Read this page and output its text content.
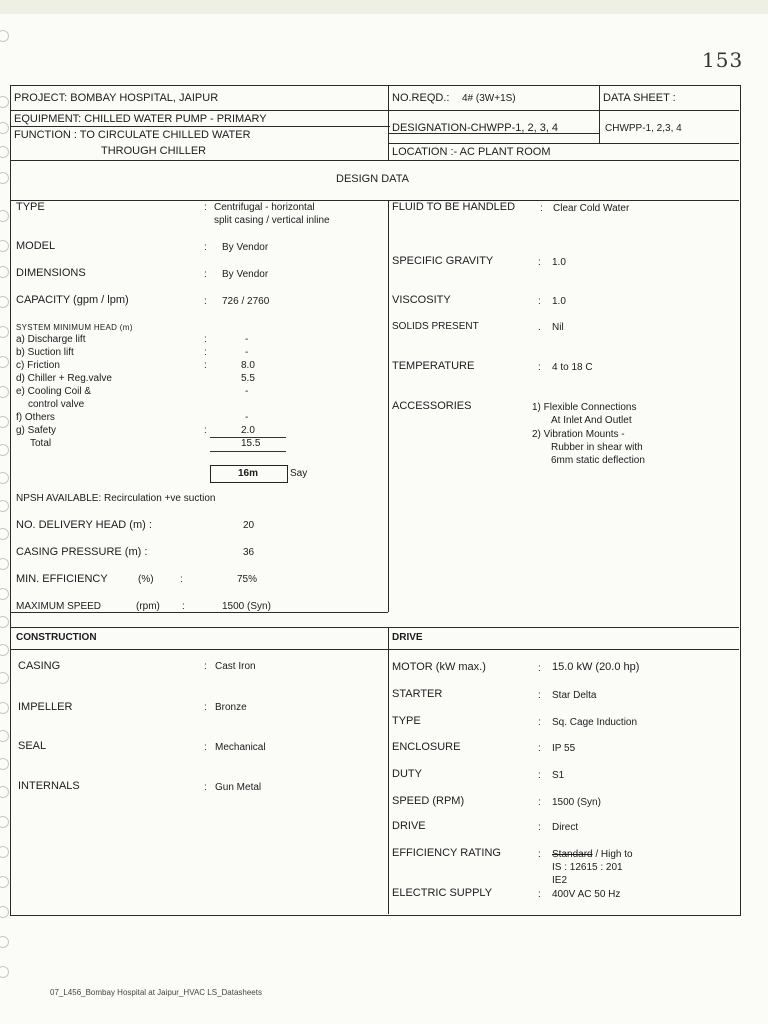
153
PROJECT: BOMBAY HOSPITAL, JAIPUR	NO.REQD.: 4# (3W+1S)	DATA SHEET :
EQUIPMENT: CHILLED WATER PUMP - PRIMARY
DESIGNATION-CHWPP-1, 2, 3, 4	CHWPP-1, 2,3, 4
FUNCTION : TO CIRCULATE CHILLED WATER
THROUGH CHILLER	LOCATION :- AC PLANT ROOM
DESIGN DATA
TYPE	: Centrifugal - horizontal
split casing / vertical inline
MODEL	: By Vendor
DIMENSIONS	: By Vendor
CAPACITY (gpm / lpm)	: 726 / 2760
SYSTEM MINIMUM HEAD (m)
a) Discharge lift	:	-
b) Suction lift	:	-
c) Friction	:	8.0
d) Chiller + Reg.valve	5.5
e) Cooling Coil &	-
control valve
f) Others	-
g) Safety	:	2.0
Total	15.5
16m	Say
NPSH AVAILABLE: Recirculation +ve suction
NO. DELIVERY HEAD (m) :	20
CASING PRESSURE (m) :	36
MIN. EFFICIENCY	(%)	:	75%
MAXIMUM SPEED	(rpm) :	1500 (Syn)
FLUID TO BE HANDLED : Clear Cold Water
SPECIFIC GRAVITY	: 1.0
VISCOSITY	: 1.0
SOLIDS PRESENT	. Nil
TEMPERATURE	: 4 to 18 C
ACCESSORIES	1) Flexible Connections
At Inlet And Outlet
2) Vibration Mounts -
Rubber in shear with
6mm static deflection
CONSTRUCTION
CASING	: Cast Iron
IMPELLER	: Bronze
SEAL	: Mechanical
INTERNALS	: Gun Metal
DRIVE
MOTOR (kW max.)	: 15.0 kW (20.0 hp)
STARTER	: Star Delta
TYPE	: Sq. Cage Induction
ENCLOSURE	: IP 55
DUTY	: S1
SPEED (RPM)	: 1500 (Syn)
DRIVE	: Direct
EFFICIENCY RATING	: Standard / High to
IS : 12615 : 201
IE2
ELECTRIC SUPPLY	: 400V AC 50 Hz
07_L456_Bombay Hospital at Jaipur_HVAC LS_Datasheets
